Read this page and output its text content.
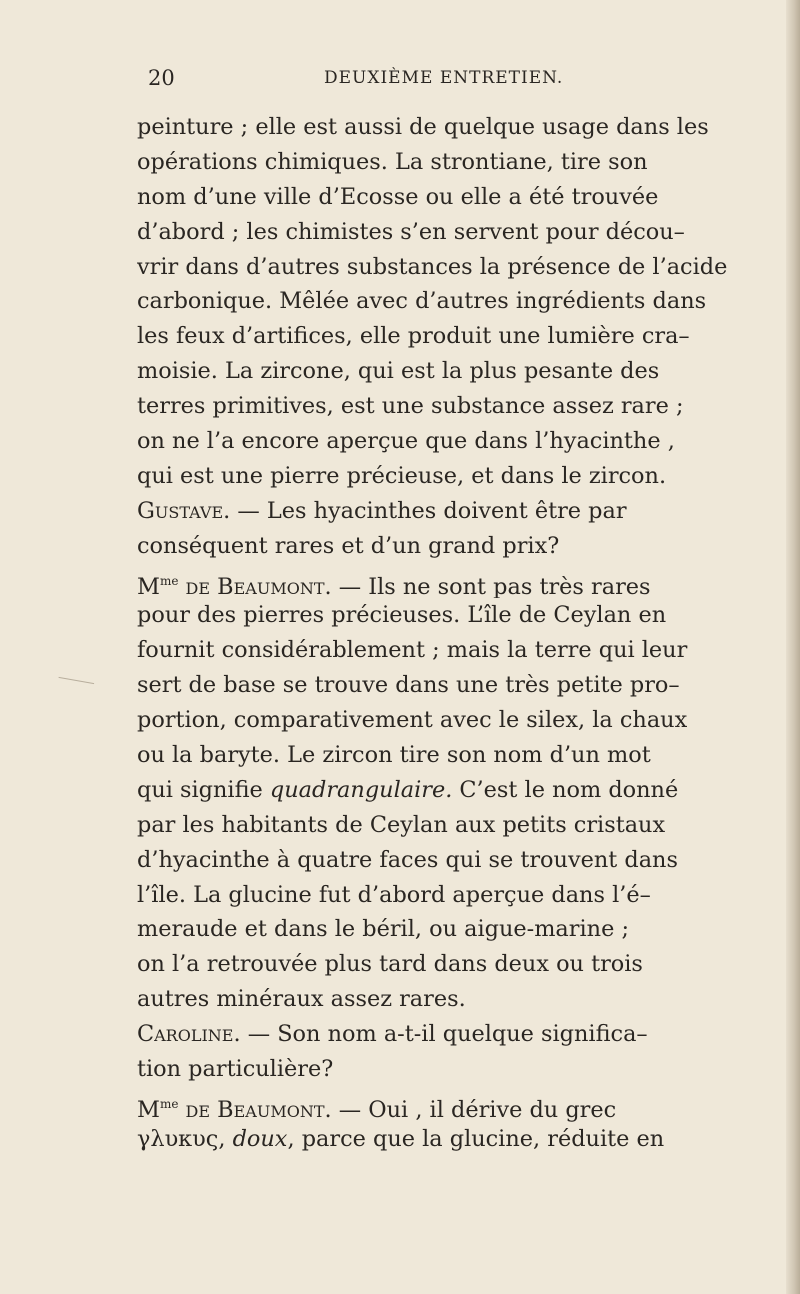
20	DEUXIÈME ENTRETIEN.
peinture ; elle est aussi de quelque usage dans les
opérations chimiques. La strontiane, tire son
nom d’une ville d’Ecosse ou elle a été trouvée
d’abord ; les chimistes s’en servent pour décou–
vrir dans d’autres substances la présence de l’acide
carbonique. Mêlée avec d’autres ingrédients dans
les feux d’artifices, elle produit une lumière cra–
moisie. La zircone, qui est la plus pesante des
terres primitives, est une substance assez rare ;
on ne l’a encore aperçue que dans l’hyacinthe ,
qui est une pierre précieuse, et dans le zircon.
Gustave. — Les hyacinthes doivent être par
conséquent rares et d’un grand prix?
$M^{me}$ de Beaumont. — Ils ne sont pas très rares
pour des pierres précieuses. L’île de Ceylan en
fournit considérablement ; mais la terre qui leur
sert de base se trouve dans une très petite pro–
portion, comparativement avec le silex, la chaux
ou la baryte. Le zircon tire son nom d’un mot
qui signifie quadrangulaire. C’est le nom donné
par les habitants de Ceylan aux petits cristaux
d’hyacinthe à quatre faces qui se trouvent dans
l’île. La glucine fut d’abord aperçue dans l’é–
meraude et dans le béril, ou aigue-marine ;
on l’a retrouvée plus tard dans deux ou trois
autres minéraux assez rares.
Caroline. — Son nom a-t-il quelque significa–
tion particulière?
$M^{me}$ de Beaumont. — Oui , il dérive du grec
γλυκυς, doux, parce que la glucine, réduite en
